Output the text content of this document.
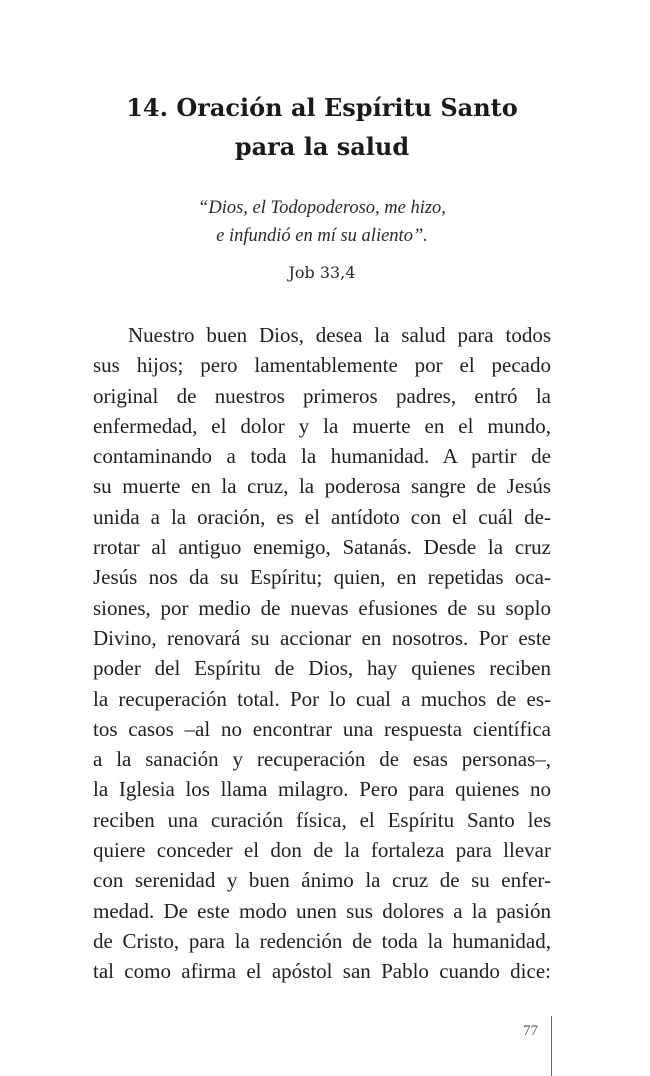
14. Oración al Espíritu Santo
para la salud
“Dios, el Todopoderoso, me hizo,
e infundió en mí su aliento”.
Job 33,4

Nuestro buen Dios, desea la salud para todos
sus hijos; pero lamentablemente por el pecado
original de nuestros primeros padres, entró la
enfermedad, el dolor y la muerte en el mundo,
contaminando a toda la humanidad. A partir de
su muerte en la cruz, la poderosa sangre de Jesús
unida a la oración, es el antídoto con el cuál de-
rrotar al antiguo enemigo, Satanás. Desde la cruz
Jesús nos da su Espíritu; quien, en repetidas oca-
siones, por medio de nuevas efusiones de su soplo
Divino, renovará su accionar en nosotros. Por este
poder del Espíritu de Dios, hay quienes reciben
la recuperación total. Por lo cual a muchos de es-
tos casos –al no encontrar una respuesta científica
a la sanación y recuperación de esas personas–,
la Iglesia los llama milagro. Pero para quienes no
reciben una curación física, el Espíritu Santo les
quiere conceder el don de la fortaleza para llevar
con serenidad y buen ánimo la cruz de su enfer-
medad. De este modo unen sus dolores a la pasión
de Cristo, para la redención de toda la humanidad,
tal como afirma el apóstol san Pablo cuando dice:

77
